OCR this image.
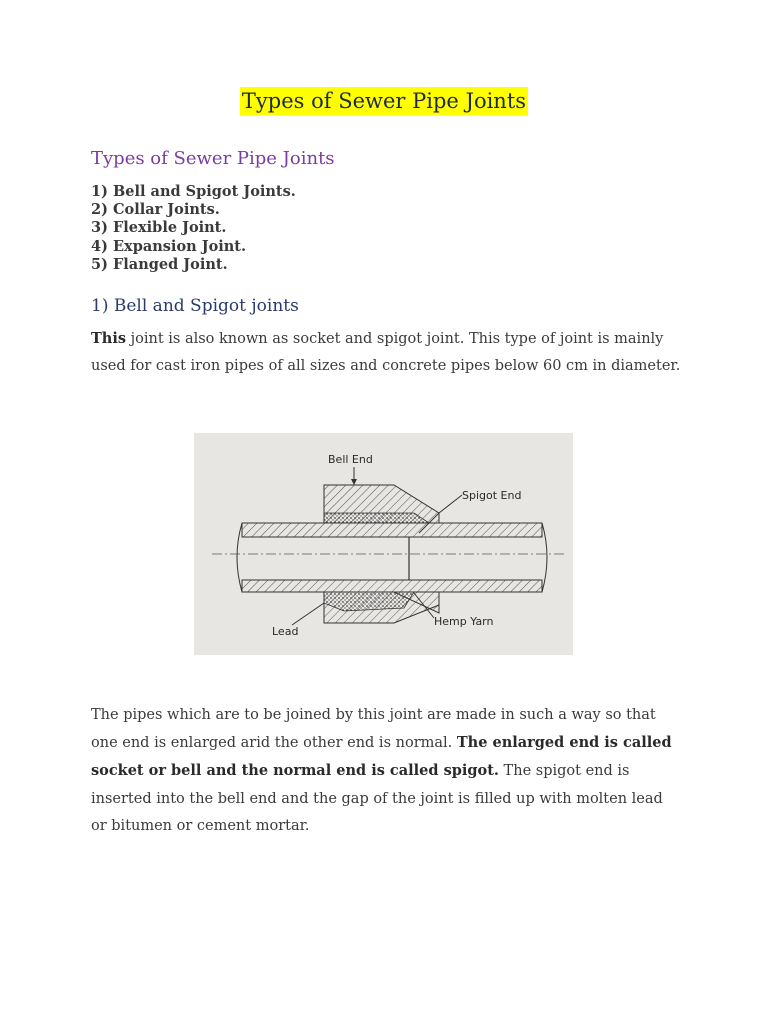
Types of Sewer Pipe Joints
Types of Sewer Pipe Joints
1) Bell and Spigot Joints.
2) Collar Joints.
3) Flexible Joint.
4) Expansion Joint.
5) Flanged Joint.
1) Bell and Spigot joints

This joint is also known as socket and spigot joint. This type of joint is mainly used for cast iron pipes of all sizes and concrete pipes below 60 cm in diameter.

Bell End
Spigot End
Lead
Hemp Yarn

The pipes which are to be joined by this joint are made in such a way so that one end is enlarged arid the other end is normal. The enlarged end is called socket or bell and the normal end is called spigot. The spigot end is inserted into the bell end and the gap of the joint is filled up with molten lead or bitumen or cement mortar.
